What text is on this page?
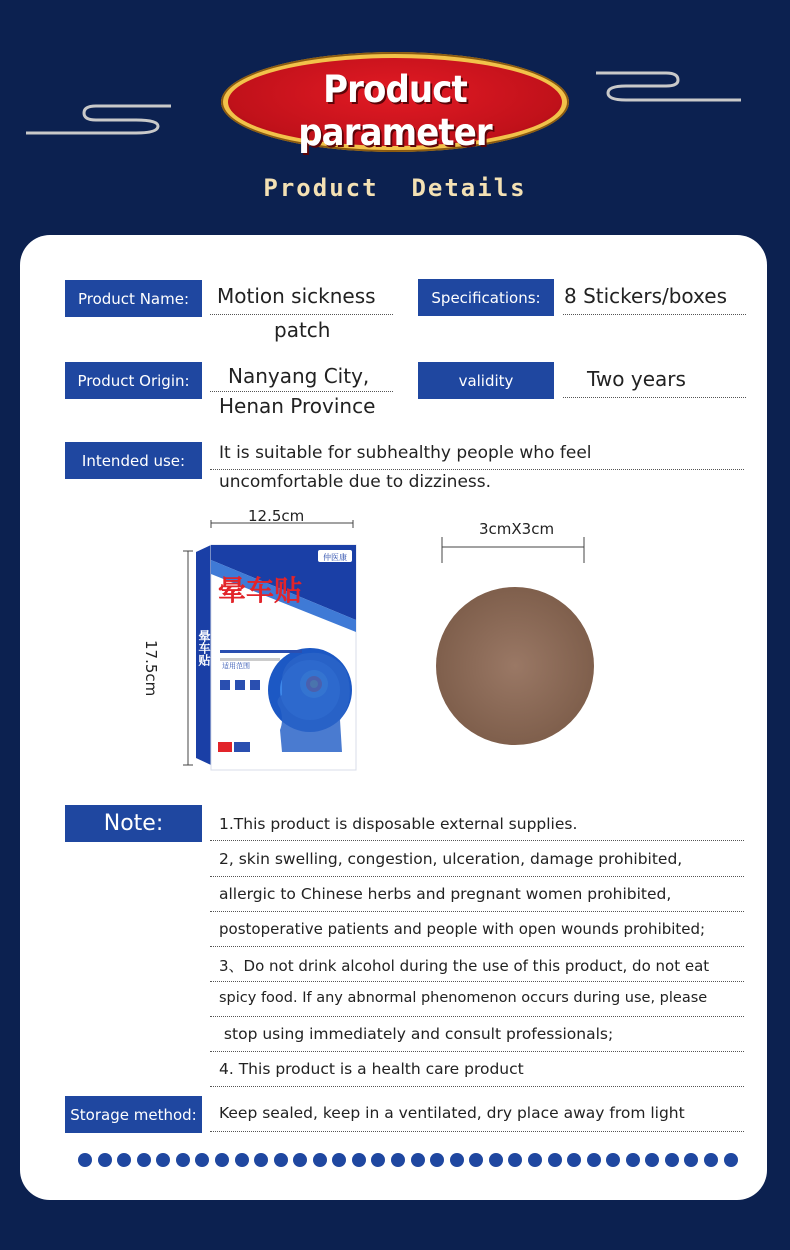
Product parameter
Product  Details
Product Name:	Motion sickness
patch
Specifications:	8 Stickers/boxes
Product Origin:	Nanyang City,
Henan Province
validity	Two years
Intended use:	It is suitable for subhealthy people who feel
uncomfortable due to dizziness.
仲医康
晕车贴
YUN CHE TIE
适用范围
晕车贴
12.5cm
17.5cm
3cmX3cm
Note:	1.This product is disposable external supplies.
2, skin swelling, congestion, ulceration, damage prohibited,
allergic to Chinese herbs and pregnant women prohibited,
postoperative patients and people with open wounds prohibited;
3、Do not drink alcohol during the use of this product, do not eat
spicy food. If any abnormal phenomenon occurs during use, please
stop using immediately and consult professionals;
4. This product is a health care product
Storage method:	Keep sealed, keep in a ventilated, dry place away from light
